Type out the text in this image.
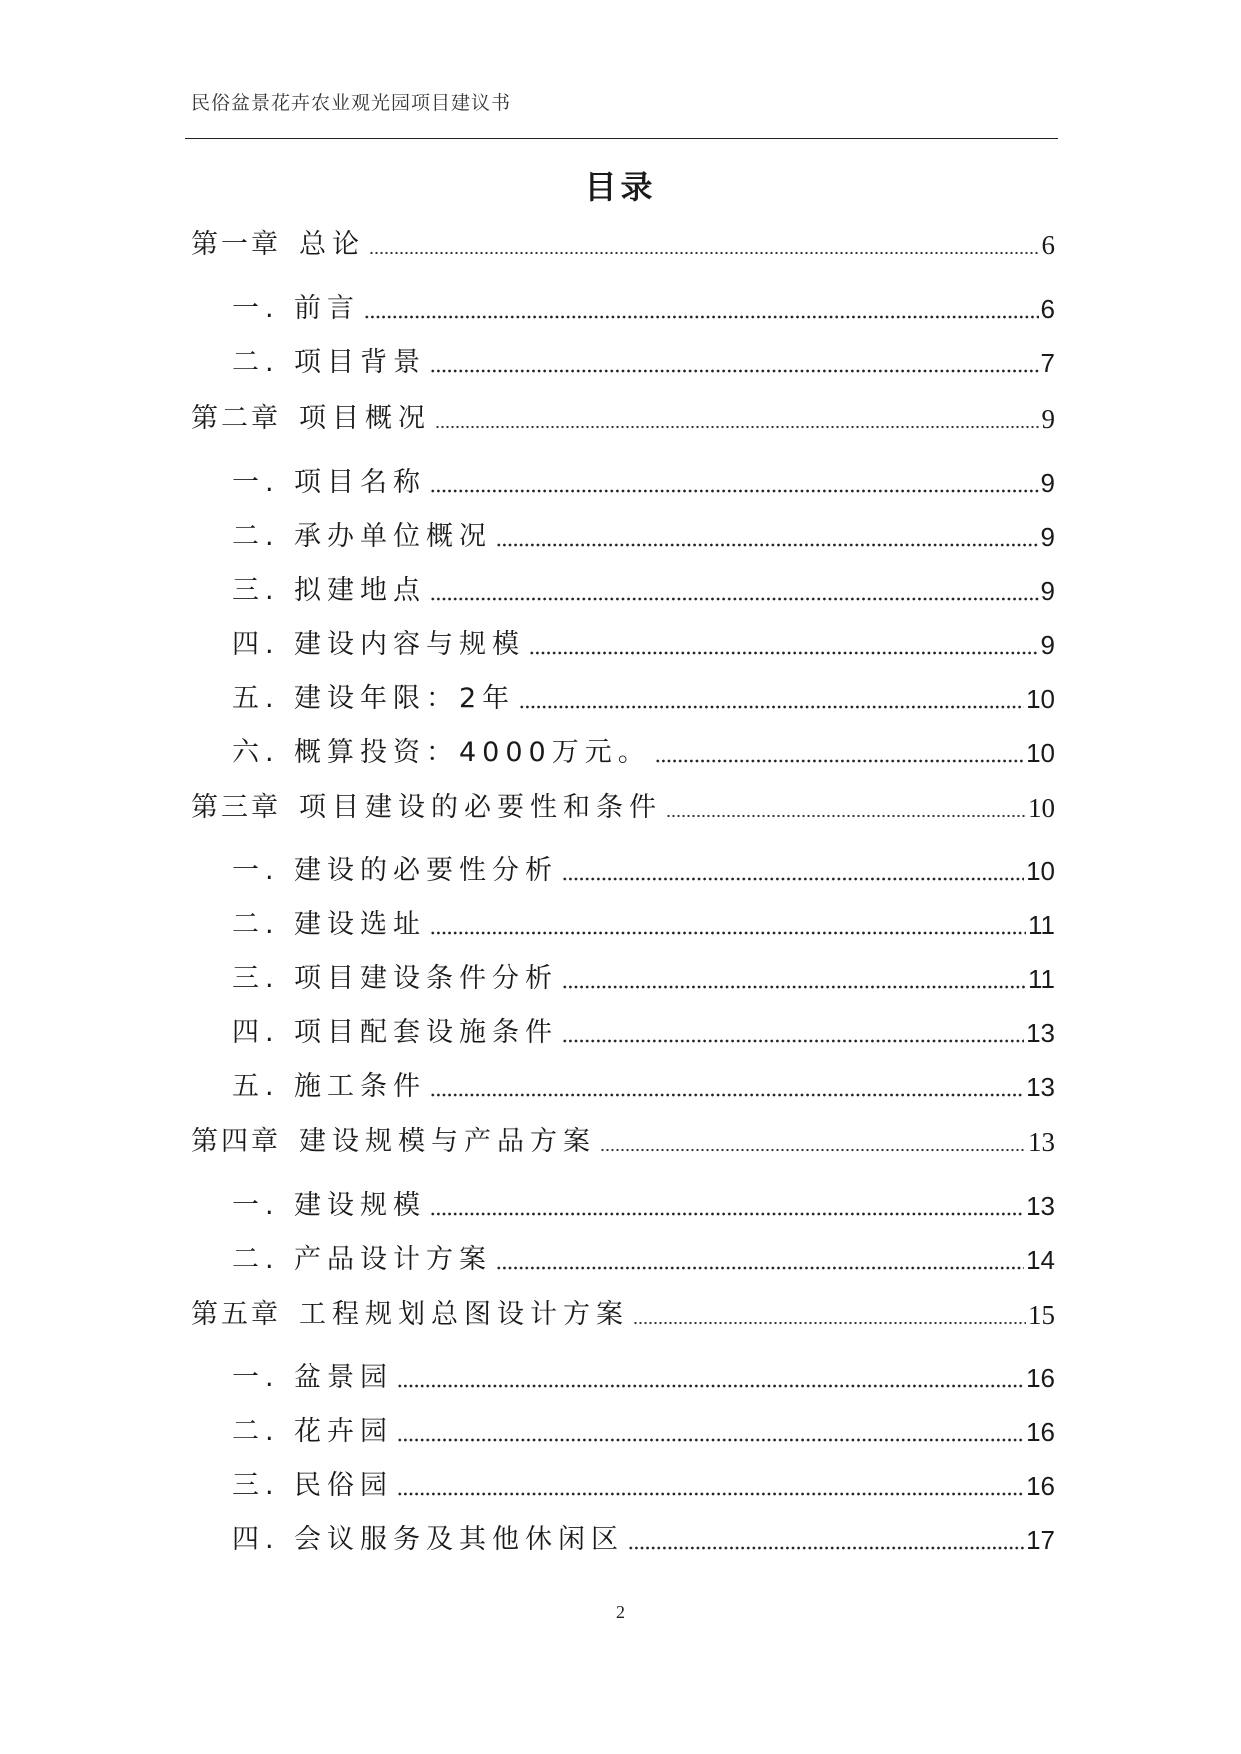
民俗盆景花卉农业观光园项目建议书
目录
第一章 总论	6
一. 前言	6
二. 项目背景	7
第二章 项目概况	9
一. 项目名称	9
二. 承办单位概况	9
三. 拟建地点	9
四. 建设内容与规模	9
五. 建设年限：2年	10
六. 概算投资：4000万元。	10
第三章 项目建设的必要性和条件	10
一. 建设的必要性分析	10
二. 建设选址	11
三. 项目建设条件分析	11
四. 项目配套设施条件	13
五. 施工条件	13
第四章 建设规模与产品方案	13
一. 建设规模	13
二. 产品设计方案	14
第五章 工程规划总图设计方案	15
一. 盆景园	16
二. 花卉园	16
三. 民俗园	16
四. 会议服务及其他休闲区	17
2
